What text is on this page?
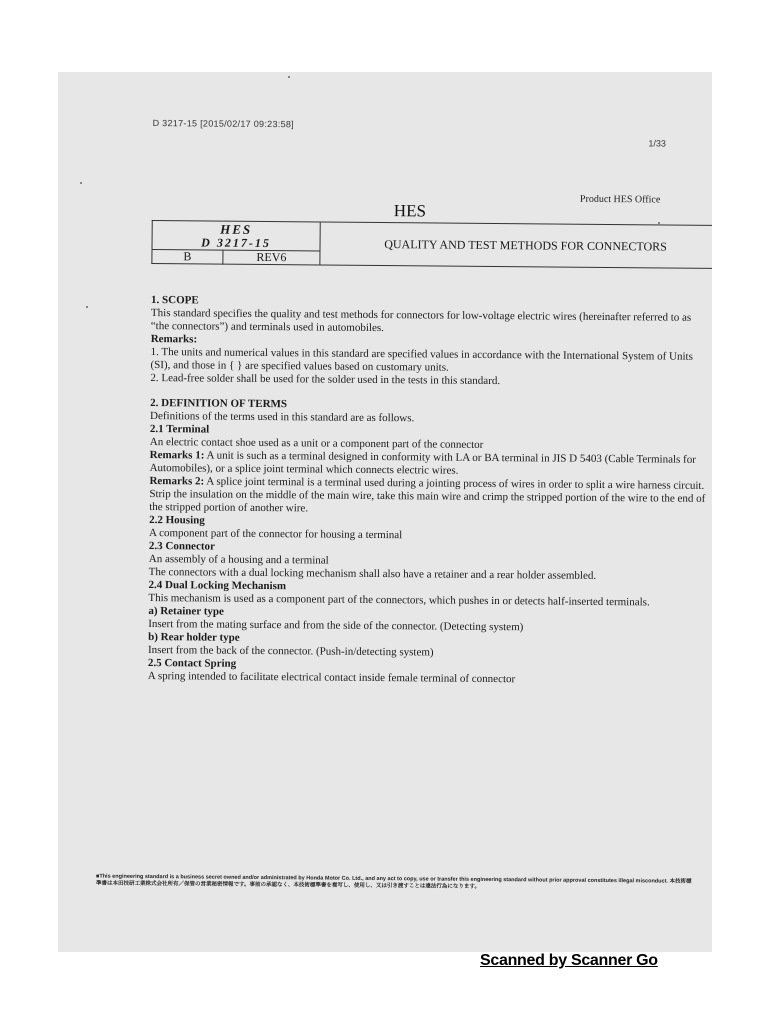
D 3217-15 [2015/02/17 09:23:58]
1/33
Product HES Office
HES
HES
D 3217-15		QUALITY AND TEST METHODS FOR CONNECTORS
B	REV6	

1. SCOPE

This standard specifies the quality and test methods for connectors for low-voltage electric wires (hereinafter referred to as “the connectors”) and terminals used in automobiles.

Remarks:

1. The units and numerical values in this standard are specified values in accordance with the International System of Units (SI), and those in { } are specified values based on customary units.

2. Lead-free solder shall be used for the solder used in the tests in this standard.

2. DEFINITION OF TERMS

Definitions of the terms used in this standard are as follows.

2.1 Terminal

An electric contact shoe used as a unit or a component part of the connector

Remarks 1: A unit is such as a terminal designed in conformity with LA or BA terminal in JIS D 5403 (Cable Terminals for Automobiles), or a splice joint terminal which connects electric wires.

Remarks 2: A splice joint terminal is a terminal used during a jointing process of wires in order to split a wire harness circuit. Strip the insulation on the middle of the main wire, take this main wire and crimp the stripped portion of the wire to the end of the stripped portion of another wire.

2.2 Housing

A component part of the connector for housing a terminal

2.3 Connector

An assembly of a housing and a terminal

The connectors with a dual locking mechanism shall also have a retainer and a rear holder assembled.

2.4 Dual Locking Mechanism

This mechanism is used as a component part of the connectors, which pushes in or detects half-inserted terminals.

a) Retainer type

Insert from the mating surface and from the side of the connector. (Detecting system)

b) Rear holder type

Insert from the back of the connector. (Push-in/detecting system)

2.5 Contact Spring

A spring intended to facilitate electrical contact inside female terminal of connector

■This engineering standard is a business secret owned and/or administrated by Honda Motor Co. Ltd., and any act to copy, use or transfer this engineering standard without prior approval constitutes illegal misconduct. 本技術標準書は本田技研工業株式会社所有／保管の営業秘密情報です。事前の承認なく、本技術標準書を複写し、使用し、又は引き渡すことは違法行為になります。
Scanned by Scanner Go
